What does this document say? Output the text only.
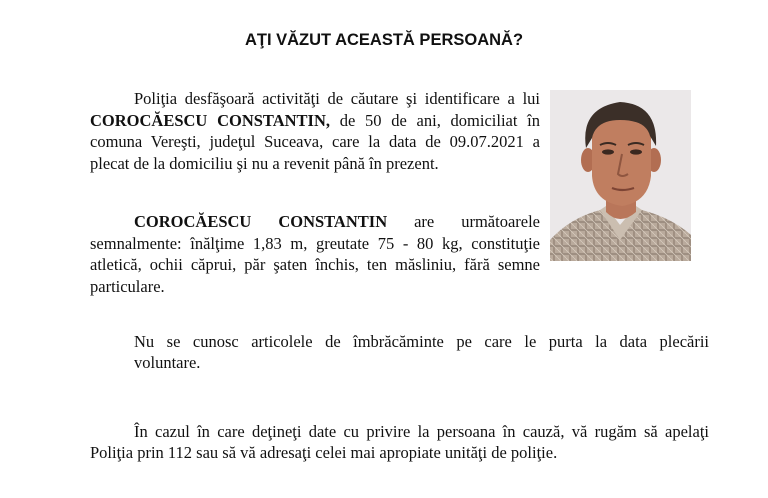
AŢI VĂZUT ACEASTĂ PERSOANĂ?
Poliţia desfăşoară activităţi de căutare şi identificare a lui
COROCĂESCU CONSTANTIN, de 50 de ani, domiciliat în
comuna Vereşti, judeţul Suceava, care la data de 09.07.2021 a
plecat de la domiciliu şi nu a revenit până în prezent.
COROCĂESCU CONSTANTIN are următoarele
semnalmente: înălţime 1,83 m, greutate 75 - 80 kg, constituţie
atletică, ochii căprui, păr şaten închis, ten măsliniu, fără semne
particulare.
Nu se cunosc articolele de îmbrăcăminte pe care le purta la data plecării
voluntare.
În cazul în care deţineţi date cu privire la persoana în cauză, vă rugăm să apelaţi
Poliţia prin 112 sau să vă adresaţi celei mai apropiate unităţi de poliţie.
